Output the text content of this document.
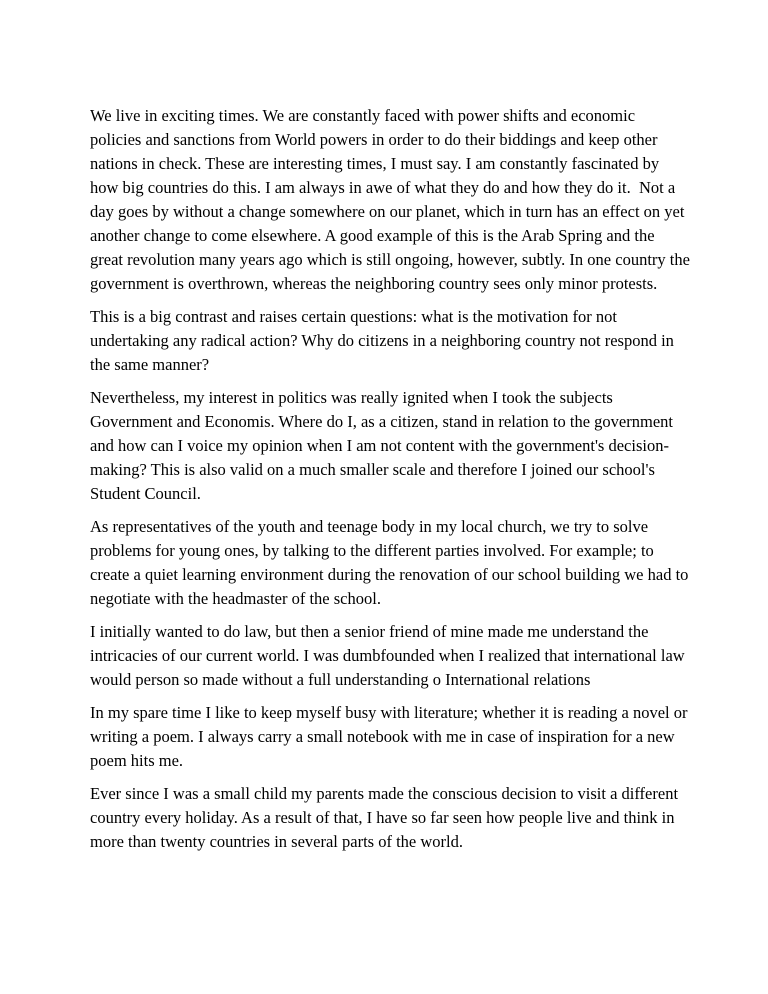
We live in exciting times. We are constantly faced with power shifts and economic policies and sanctions from World powers in order to do their biddings and keep other nations in check. These are interesting times, I must say. I am constantly fascinated by how big countries do this. I am always in awe of what they do and how they do it.  Not a day goes by without a change somewhere on our planet, which in turn has an effect on yet another change to come elsewhere. A good example of this is the Arab Spring and the great revolution many years ago which is still ongoing, however, subtly. In one country the government is overthrown, whereas the neighboring country sees only minor protests.

This is a big contrast and raises certain questions: what is the motivation for not undertaking any radical action? Why do citizens in a neighboring country not respond in the same manner?

Nevertheless, my interest in politics was really ignited when I took the subjects Government and Economis. Where do I, as a citizen, stand in relation to the government and how can I voice my opinion when I am not content with the government's decision-making? This is also valid on a much smaller scale and therefore I joined our school's Student Council.

As representatives of the youth and teenage body in my local church, we try to solve problems for young ones, by talking to the different parties involved. For example; to create a quiet learning environment during the renovation of our school building we had to negotiate with the headmaster of the school.

I initially wanted to do law, but then a senior friend of mine made me understand the intricacies of our current world. I was dumbfounded when I realized that international law would person so made without a full understanding o International relations

In my spare time I like to keep myself busy with literature; whether it is reading a novel or writing a poem. I always carry a small notebook with me in case of inspiration for a new poem hits me.

Ever since I was a small child my parents made the conscious decision to visit a different country every holiday. As a result of that, I have so far seen how people live and think in more than twenty countries in several parts of the world.
